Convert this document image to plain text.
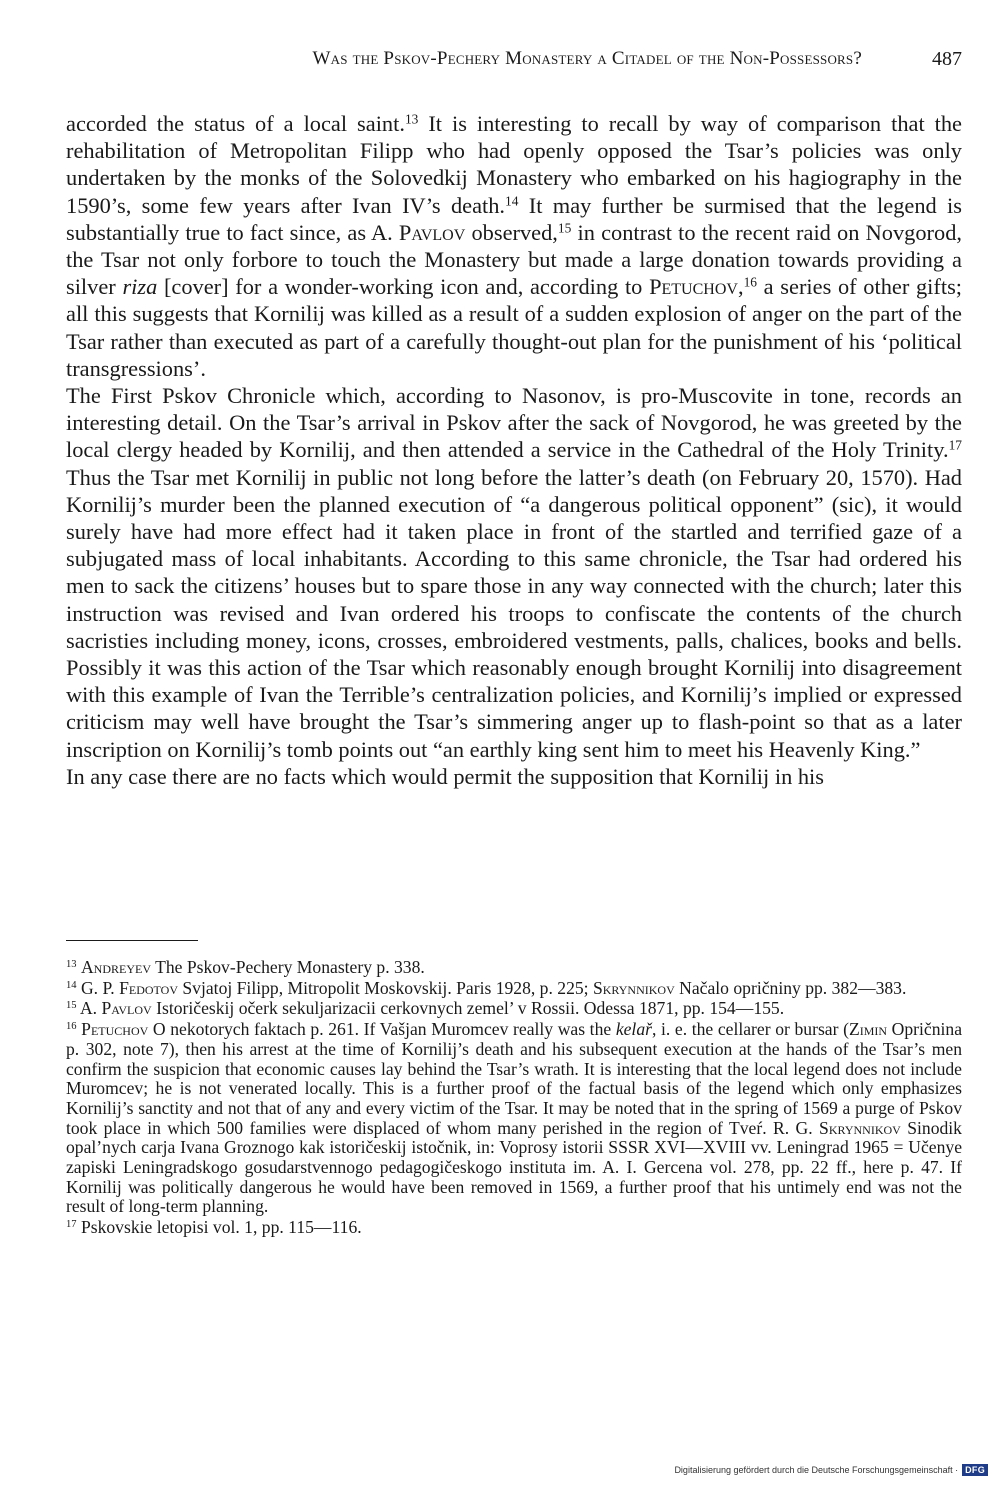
Was the Pskov-Pechery Monastery a Citadel of the Non-Possessors?	487

accorded the status of a local saint.$^{13}$ It is interesting to recall by way of comparison that the rehabilitation of Metropolitan Filipp who had openly opposed the Tsar’s policies was only undertaken by the monks of the Solovedkij Monastery who embarked on his hagiography in the 1590’s, some few years after Ivan IV’s death.$^{14}$ It may further be surmised that the legend is substantially true to fact since, as A. Pavlov observed,$^{15}$ in contrast to the recent raid on Novgorod, the Tsar not only forbore to touch the Monastery but made a large donation towards providing a silver riza [cover] for a wonder-working icon and, according to Petuchov,$^{16}$ a series of other gifts; all this suggests that Kornilij was killed as a result of a sudden explosion of anger on the part of the Tsar rather than executed as part of a carefully thought-out plan for the punishment of his ‘political transgressions’.

The First Pskov Chronicle which, according to Nasonov, is pro-Muscovite in tone, records an interesting detail. On the Tsar’s arrival in Pskov after the sack of Novgorod, he was greeted by the local clergy headed by Kornilij, and then attended a service in the Cathedral of the Holy Trinity.$^{17}$ Thus the Tsar met Kornilij in public not long before the latter’s death (on February 20, 1570). Had Kornilij’s murder been the planned execution of “a dangerous political opponent” (sic), it would surely have had more effect had it taken place in front of the startled and terrified gaze of a subjugated mass of local inhabitants. According to this same chronicle, the Tsar had ordered his men to sack the citizens’ houses but to spare those in any way connected with the church; later this instruction was revised and Ivan ordered his troops to confiscate the contents of the church sacristies including money, icons, crosses, embroidered vestments, palls, chalices, books and bells. Possibly it was this action of the Tsar which reasonably enough brought Kornilij into disagreement with this example of Ivan the Terrible’s centralization policies, and Kornilij’s implied or expressed criticism may well have brought the Tsar’s simmering anger up to flash-point so that as a later inscription on Kornilij’s tomb points out “an earthly king sent him to meet his Heavenly King.”

In any case there are no facts which would permit the supposition that Kornilij in his

$^{13}$ Andreyev The Pskov-Pechery Monastery p. 338.

$^{14}$ G. P. Fedotov Svjatoj Filipp, Mitropolit Moskovskij. Paris 1928, p. 225; Skrynnikov Načalo opričniny pp. 382—383.

$^{15}$ A. Pavlov Istoričeskij očerk sekuljarizacii cerkovnych zemel’ v Rossii. Odessa 1871, pp. 154—155.

$^{16}$ Petuchov O nekotorych faktach p. 261. If Vašjan Muromcev really was the kelař, i. e. the cellarer or bursar (Zimin Opričnina p. 302, note 7), then his arrest at the time of Kornilij’s death and his subsequent execution at the hands of the Tsar’s men confirm the suspicion that economic causes lay behind the Tsar’s wrath. It is interesting that the local legend does not include Muromcev; he is not venerated locally. This is a further proof of the factual basis of the legend which only emphasizes Kornilij’s sanctity and not that of any and every victim of the Tsar. It may be noted that in the spring of 1569 a purge of Pskov took place in which 500 families were displaced of whom many perished in the region of Tveŕ. R. G. Skrynnikov Sinodik opal’nych carja Ivana Groznogo kak istoričeskij istočnik, in: Voprosy istorii SSSR XVI—XVIII vv. Leningrad 1965 = Učenye zapiski Leningradskogo gosudarstvennogo pedagogičeskogo instituta im. A. I. Gercena vol. 278, pp. 22 ff., here p. 47. If Kornilij was politically dangerous he would have been removed in 1569, a further proof that his untimely end was not the result of long-term planning.

$^{17}$ Pskovskie letopisi vol. 1, pp. 115—116.

Digitalisierung gefördert durch die Deutsche Forschungsgemeinschaft · DFG
